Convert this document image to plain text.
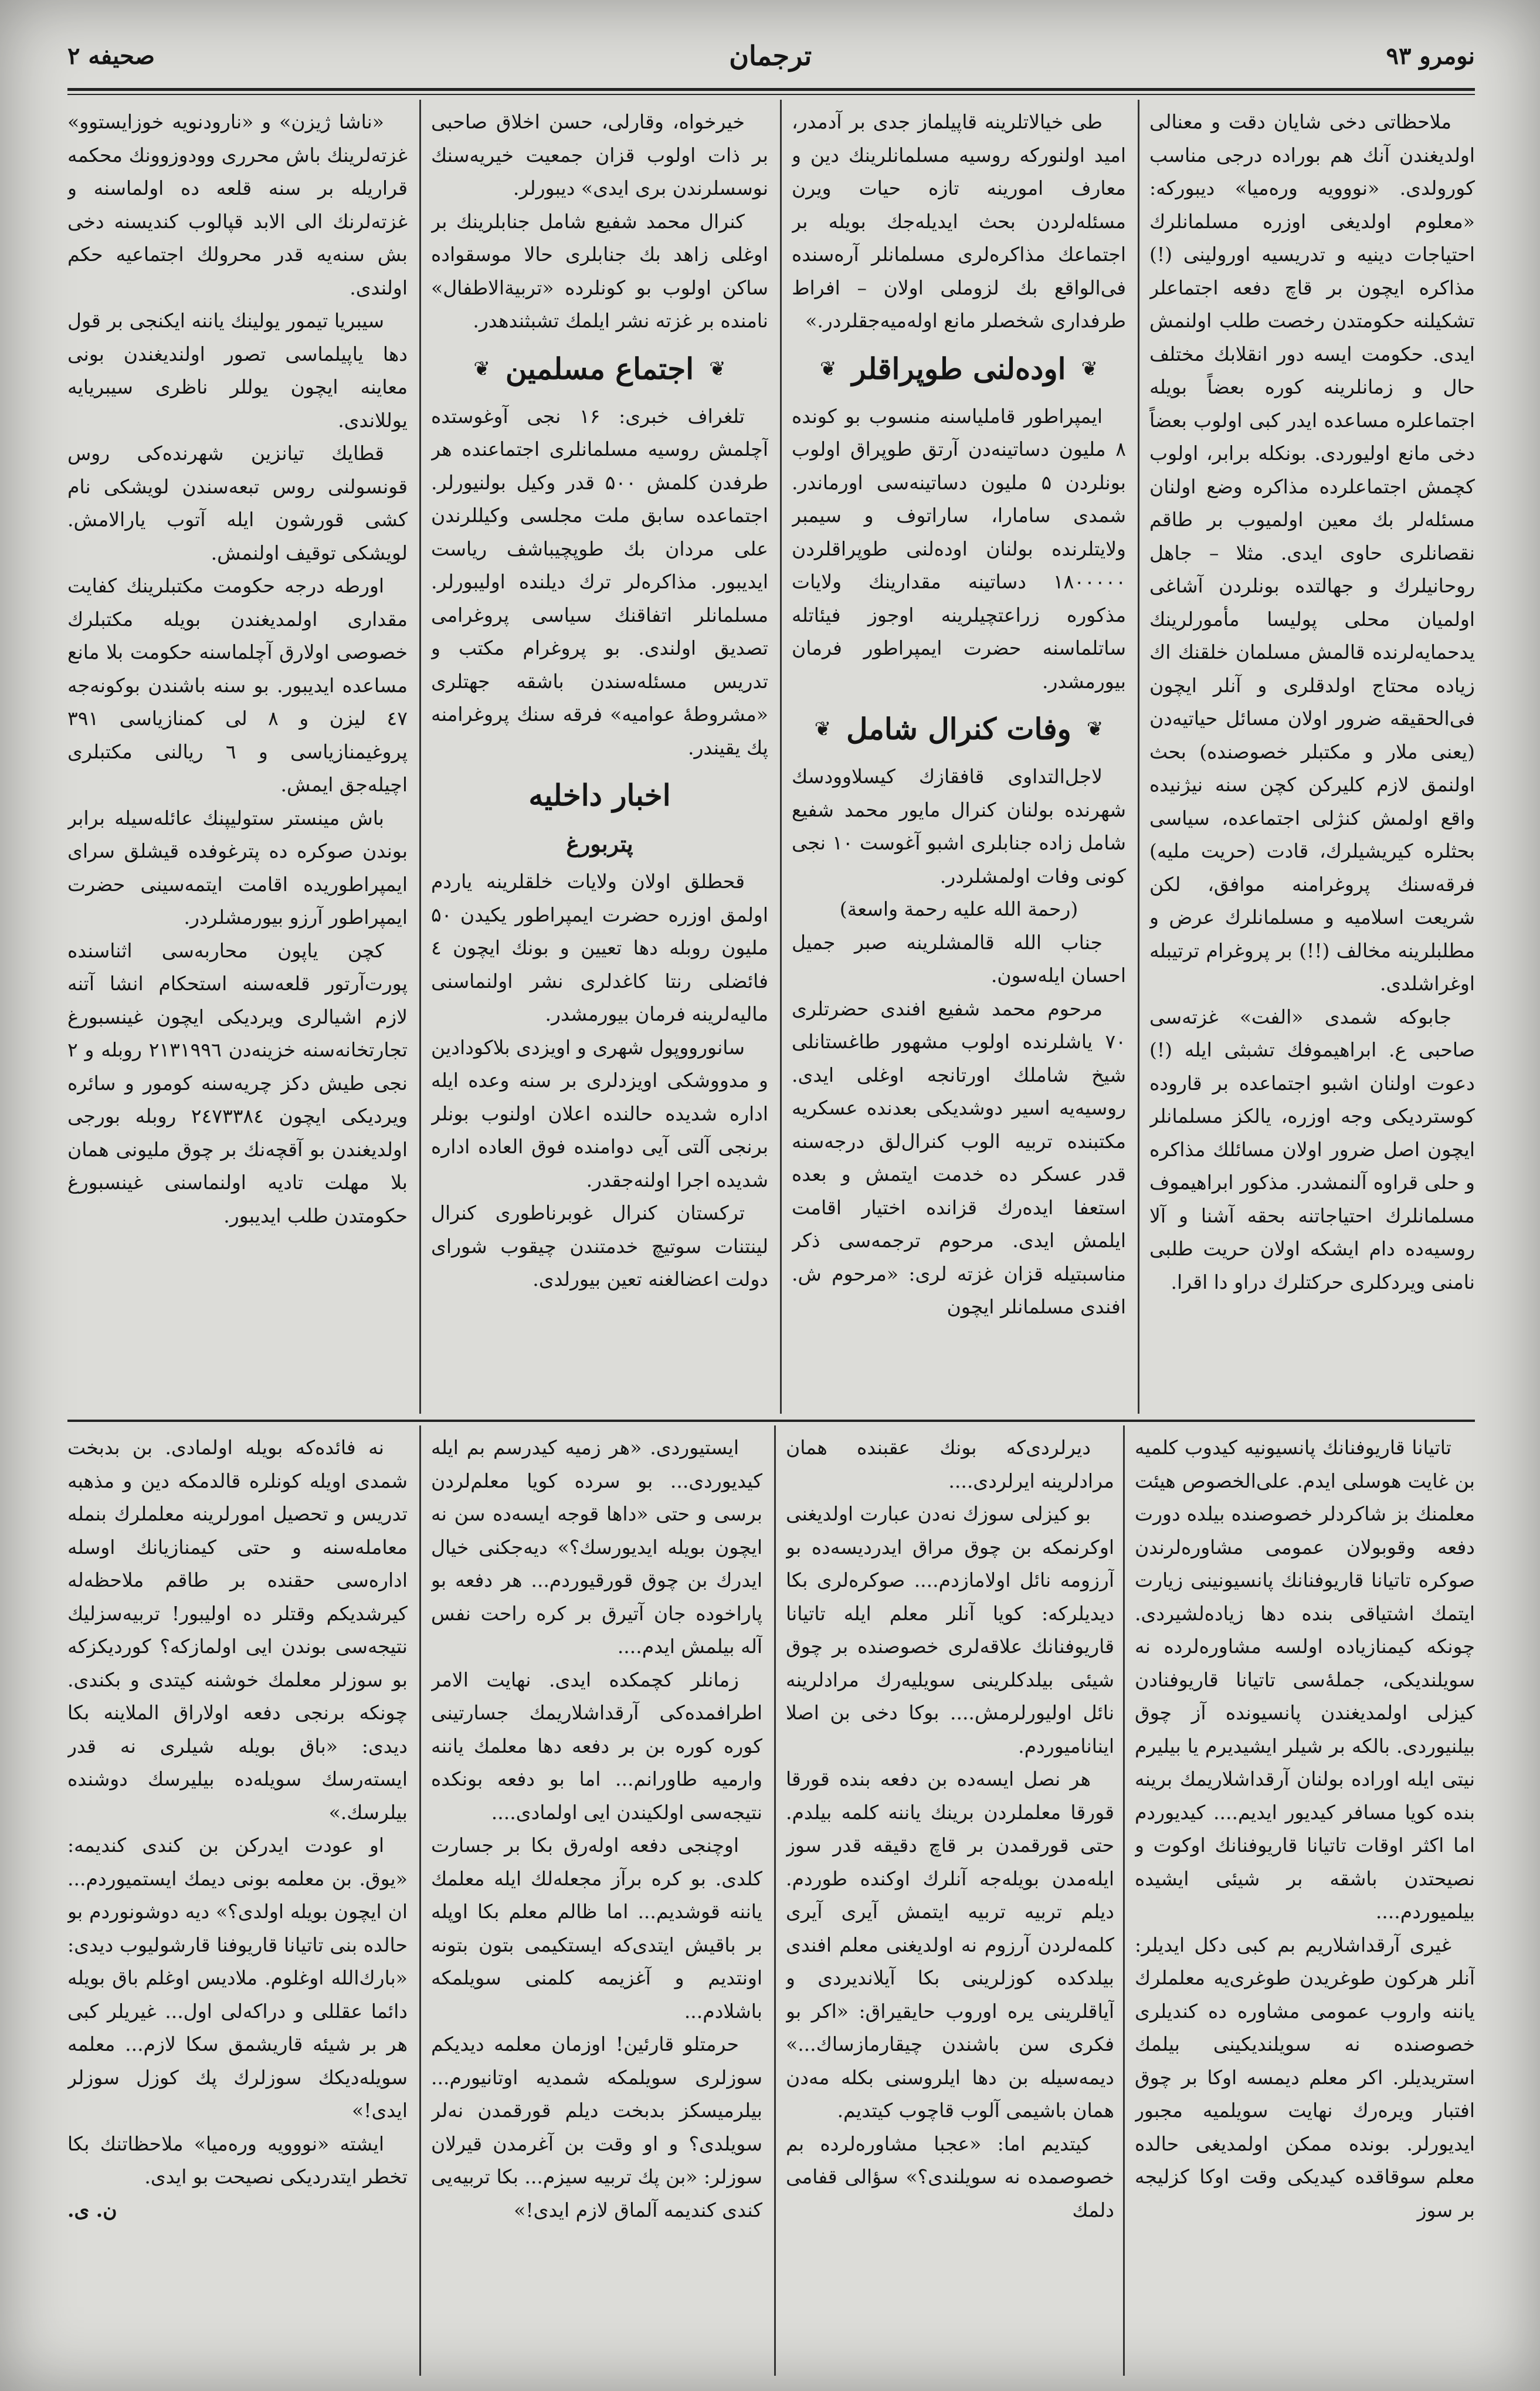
نومرو ۹۳
ترجمان
صحیفه ۲

ملاحظاتی دخی شایان دقت و معنالی اولدیغندن آنك هم بوراده درجی مناسب کورولدی. «نووویه وره‌میا» دیبورکه: «معلوم اولدیغی اوزره مسلمانلرك احتیاجات دینیه و تدریسیه اورولینی (!) مذاکره ایچون بر قاچ دفعه اجتماعلر تشکیلنه حکومتدن رخصت طلب اولنمش ایدی. حکومت ایسه دور انقلابك مختلف حال و زمانلرینه کوره بعضاً بویله اجتماعلره مساعده ایدر کبی اولوب بعضاً دخی مانع اولیوردی. بونکله برابر، اولوب کچمش اجتماعلرده مذاکره وضع اولنان مسئله‌لر بك معین اولمیوب بر طاقم نقصانلری حاوی ایدی. مثلا – جاهل روحانیلرك و جهالتده بونلردن آشاغی اولمیان محلی پولیسا مأمورلرینك یدحمایه‌لرنده قالمش مسلمان خلقنك اك زیاده محتاج اولدقلری و آنلر ایچون فی‌الحقیقه ضرور اولان مسائل حیاتیه‌دن (یعنی ملار و مکتبلر خصوصنده) بحث اولنمق لازم کلیرکن کچن سنه نیژنیده واقع اولمش کنژلی اجتماعده، سیاسی بحثلره کیریشیلرك، قادت (حریت ملیه) فرقه‌سنك پروغرامنه موافق، لکن شریعت اسلامیه و مسلمانلرك عرض و مطلبلرینه مخالف (!!) بر پروغرام ترتیبله اوغراشلدی.

جابوکه شمدی «الفت» غزته‌سی صاحبی ع. ابراهیموفك تشبثی ایله (!) دعوت اولنان اشبو اجتماعده بر قاروده کوستردیکی وجه اوزره، یالکز مسلمانلر ایچون اصل ضرور اولان مسائلك مذاکره و حلی قراوه آلنمشدر. مذکور ابراهیموف مسلمانلرك احتیاجاتنه بحقه آشنا و آلا روسیه‌ده دام ایشکه اولان حریت طلبی نامنی ویردکلری حرکتلرك دراو دا اقرا.

طی خیالاتلرینه قاپیلماز جدی بر آدمدر، امید اولنورکه روسیه مسلمانلرینك دین و معارف امورینه تازه حیات ویرن مسئله‌لردن بحث ایدیله‌جك بویله بر اجتماعك مذاکره‌لری مسلمانلر آره‌سنده فی‌الواقع بك لزوملی اولان – افراط طرفداری شخصلر مانع اوله‌میه‌جقلردر.»

❦
اوده‌لنی طوپراقلر
❦

ایمپراطور قاملیاسنه منسوب بو کونده ۸ ملیون دساتینه‌دن آرتق طوپراق اولوب بونلردن ۵ ملیون دساتینه‌سی اورماندر. شمدی سامارا، ساراتوف و سیمبر ولایتلرنده بولنان اوده‌لنی طوپراقلردن ۱۸۰۰۰۰۰ دساتینه مقدارینك ولایات مذکوره زراعتچیلرینه اوجوز فیئاتله ساتلماسنه حضرت ایمپراطور فرمان بیورمشدر.

❦
وفات کنرال شامل
❦

لاجل‌التداوی قافقازك کیسلاوودسك شهرنده بولنان کنرال مایور محمد شفیع شامل زاده جنابلری اشبو آغوست ۱۰ نجی کونی وفات اولمشلردر.

(رحمة الله علیه رحمة واسعة)

جناب الله قالمشلرینه صبر جمیل احسان ایله‌سون.

مرحوم محمد شفیع افندی حضرتلری ۷۰ یاشلرنده اولوب مشهور طاغستانلی شیخ شاملك اورتانجه اوغلی ایدی. روسیه‌یه اسیر دوشدیکی بعدنده عسکریه مکتبنده تربیه الوب کنرال‌لق درجه‌سنه قدر عسکر ده خدمت ایتمش و بعده استعفا ایده‌رك قزانده اختیار اقامت ایلمش ایدی. مرحوم ترجمه‌سی ذکر مناسبتیله قزان غزته لری: «مرحوم ش. افندی مسلمانلر ایچون

خیرخواه، وقارلی، حسن اخلاق صاحبی بر ذات اولوب قزان جمعیت خیریه‌سنك نوسسلرندن بری ایدی» دیبورلر.

کنرال محمد شفیع شامل جنابلرینك بر اوغلی زاهد بك جنابلری حالا موسقواده ساکن اولوب بو کونلرده «تربیة‌الاطفال» نامنده بر غزته نشر ایلمك تشبثندهدر.

❦
اجتماع مسلمین
❦

تلغراف خبری: ۱۶ نجی آوغوستده آچلمش روسیه مسلمانلری اجتماعنده هر طرفدن کلمش ۵۰۰ قدر وکیل بولنیورلر. اجتماعده سابق ملت مجلسی وکیللرندن علی مردان بك طوپچیباشف ریاست ایدیبور. مذاکره‌لر ترك دیلنده اولیبورلر. مسلمانلر اتفاقنك سیاسی پروغرامی تصدیق اولندی. بو پروغرام مکتب و تدریس مسئله‌سندن باشقه جهتلری «مشروطۀ عوامیه» فرقه سنك پروغرامنه پك یقیندر.

اخبار داخلیه
پتربورغ

قحطلق اولان ولایات خلقلرینه یاردم اولمق اوزره حضرت ایمپراطور یکیدن ۵۰ ملیون روبله دها تعیین و بونك ایچون ٤ فائضلی رنتا کاغدلری نشر اولنماسنی مالیه‌لرینه فرمان بیورمشدر.

سانورووپول شهری و اویزدی بلاکودادین و مدووشکی اویزدلری بر سنه وعده ایله اداره شدیده حالنده اعلان اولنوب بونلر برنجی آلتی آیی دوامنده فوق العاده اداره شدیده اجرا اولنه‌جقدر.

ترکستان کنرال غوبرناطوری کنرال لینتنات سوتیچ خدمتندن چیقوب شورای دولت اعضالغنه تعین بیورلدی.

«ناشا ژیزن» و «نارودنویه خوزایستوو» غزته‌لرینك باش محرری وودوزوونك محکمه قراریله بر سنه قلعه ده اولماسنه و غزته‌لرنك الی الابد قپالوب کندیسنه دخی بش سنه‌یه قدر محرولك اجتماعیه حکم اولندی.

سیبریا تیمور یولینك یاننه ایکنجی بر قول دها یاپیلماسی تصور اولندیغندن بونی معاینه ایچون یوللر ناظری سیبریایه یوللاندی.

قطایك تیانزین شهرنده‌کی روس قونسولنی روس تبعه‌سندن لویشکی نام کشی قورشون ایله آتوب یارالامش. لویشکی توقیف اولنمش.

اورطه درجه حکومت مکتبلرینك کفایت مقداری اولمدیغندن بویله مکتبلرك خصوصی اولارق آچلماسنه حکومت بلا مانع مساعده ایدیبور. بو سنه باشندن بوکونه‌جه ٤۷ لیزن و ۸ لی کمنازیاسی ۳۹۱ پروغیمنازیاسی و ٦ ریالنی مکتبلری اچیله‌جق ایمش.

باش مینستر ستولیپنك عائله‌سیله برابر بوندن صوکره ده پترغوفده قیشلق سرای ایمپراطوریده اقامت ایتمه‌سینی حضرت ایمپراطور آرزو بیورمشلردر.

کچن یاپون محاربه‌سی اثناسنده پورت‌آرتور قلعه‌سنه استحکام انشا آتنه لازم اشیالری ویردیکی ایچون غینسبورغ تجارتخانه‌سنه خزینه‌دن ۲۱۳۱۹۹٦ روبله و ۲ نجی طیش دکز چریه‌سنه کومور و سائره ویردیکی ایچون ۲٤۷۳۳۸٤ روبله بورجی اولدیغندن بو آقچه‌نك بر چوق ملیونی همان بلا مهلت تادیه اولنماسنی غینسبورغ حکومتدن طلب ایدیبور.

تاتیانا قاریوفنانك پانسیونیه کیدوب کلمیه بن غایت هوسلی ایدم. علی‌الخصوص هیئت معلمنك بز شاکردلر خصوصنده بیلده دورت دفعه وقوبولان عمومی مشاوره‌لرندن صوکره تاتیانا قاریوفنانك پانسیونینی زیارت ایتمك اشتیاقی بنده دها زیاده‌لشیردی. چونکه کیمنازیاده اولسه مشاوره‌لرده نه سویلندیکی، جملۀسی تاتیانا قاریوفنادن کیزلی اولمدیغندن پانسیونده آز چوق بیلنیوردی. بالکه بر شیلر ایشیدیرم یا بیلیرم نیتی ایله اوراده بولنان آرقداشلاریمك برینه بنده کویا مسافر کیدیور ایدیم.... کیدیوردم اما اکثر اوقات تاتیانا قاریوفنانك اوکوت و نصیحتدن باشقه بر شیئی ایشیده بیلمیوردم....

غیری آرقداشلاریم بم کبی دکل ایدیلر: آنلر هرکون طوغریدن طوغری‌یه معلملرك یاننه واروب عمومی مشاوره ده کندیلری خصوصنده نه سویلندیکینی بیلمك استریدیلر. اکر معلم دیمسه اوکا بر چوق افتبار ویره‌رك نهایت سویلمیه مجبور ایدیورلر. بونده ممکن اولمدیغی حالده معلم سوقاقده کیدیکی وقت اوکا کزلیجه بر سوز

دیرلردی‌که بونك عقبنده همان مرادلرینه ایرلردی....

بو کیزلی سوزك نه‌دن عبارت اولدیغنی اوکرنمکه بن چوق مراق ایدردیسه‌ده بو آرزومه نائل اولامازدم.... صوکره‌لری بکا دیدیلرکه: کویا آنلر معلم ایله تاتیانا قاریوفنانك علاقه‌لری خصوصنده بر چوق شیئی بیلدکلرینی سویلیه‌رك مرادلرینه نائل اولیورلرمش.... بوکا دخی بن اصلا اینانامیوردم.

هر نصل ایسه‌ده بن دفعه بنده قورقا قورقا معلملردن برینك یاننه کلمه بیلدم. حتی قورقمدن بر قاچ دقیقه قدر سوز ایله‌مدن بویله‌جه آنلرك اوکنده طوردم. دیلم تربیه تربیه ایتمش آیری آیری کلمه‌لردن آرزوم نه اولدیغنی معلم افندی بیلدکده کوزلرینی بکا آیلاندیردی و آیاقلرینی یره اوروب حایقیراق: «اکر بو فکری سن باشندن چیقارمازساك...» دیمه‌سیله بن دها ایلروسنی بکله مه‌دن همان باشیمی آلوب قاچوب کیتدیم.

کیتدیم اما: «عجبا مشاوره‌لرده بم خصوصمده نه سویلندی؟» سؤالی قفامی دلمك

ایستیوردی. «هر زمیه کیدرسم بم ایله کیدیوردی... بو سرده کویا معلم‌لردن برسی و حتی «داها قوجه ایسه‌ده سن نه ایچون بویله ایدیورسك؟» دیه‌جکنی خیال ایدرك بن چوق قورقیوردم... هر دفعه بو پاراخوده جان آتیرق بر کره راحت نفس آله بیلمش ایدم....

زمانلر کچمکده ایدی. نهایت الامر اطرافمده‌کی آرقداشلاریمك جسارتینی کوره کوره بن بر دفعه دها معلمك یاننه وارمیه طاورانم... اما بو دفعه بونکده نتیجه‌سی اولکیندن ایی اولمادی....

اوچنجی دفعه اوله‌رق بکا بر جسارت کلدی. بو کره برآز مجعله‌لك ایله معلمك یاننه قوشدیم... اما ظالم معلم بکا اوپله بر باقیش ایتدی‌که ایستکیمی بتون بتونه اونتدیم و آغزیمه کلمنی سویلمکه باشلادم...

حرمتلو قارئین! اوزمان معلمه دیدیکم سوزلری سویلمکه شمدیه اوتانیورم... بیلرمیسکز بدبخت دیلم قورقمدن نه‌لر سویلدی؟ و او وقت بن آغرمدن قیرلان سوزلر: «بن پك تربیه سیزم... بکا تربیه‌یی کندی کندیمه آلماق لازم ایدی!»

نه فائده‌که بویله اولمادی. بن بدبخت شمدی اویله کونلره قالدمکه دین و مذهبه تدریس و تحصیل امورلرینه معلملرك بنمله معامله‌سنه و حتی کیمنازیانك اوسله اداره‌سی حقنده بر طاقم ملاحظه‌له کیرشدیکم وقتلر ده اولیبور! تربیه‌سزلیك نتیجه‌سی بوندن ایی اولمازکه؟ کوردیکزکه بو سوزلر معلمك خوشنه کیتدی و بکندی. چونکه برنجی دفعه اولاراق الملاینه بکا دیدی: «باق بویله شیلری نه قدر ایسته‌رسك سویله‌ده بیلیرسك دوشنده بیلرسك.»

او عودت ایدرکن بن کندی کندیمه: «یوق. بن معلمه بونی دیمك ایستمیوردم... ان ایچون بویله اولدی؟» دیه دوشونوردم بو حالده بنی تاتیانا قاریوفنا قارشولیوب دیدی: «بارك‌الله اوغلوم. ملادیس اوغلم باق بویله دائما عقللی و دراکه‌لی اول... غیریلر کبی هر بر شیئه قاریشمق سکا لازم... معلمه سویله‌دیکك سوزلرك پك کوزل سوزلر ایدی!»

ایشته «نووویه وره‌میا» ملاحظاتنك بکا تخطر ایتدردیکی نصیحت بو ایدی.

ن. ی.
